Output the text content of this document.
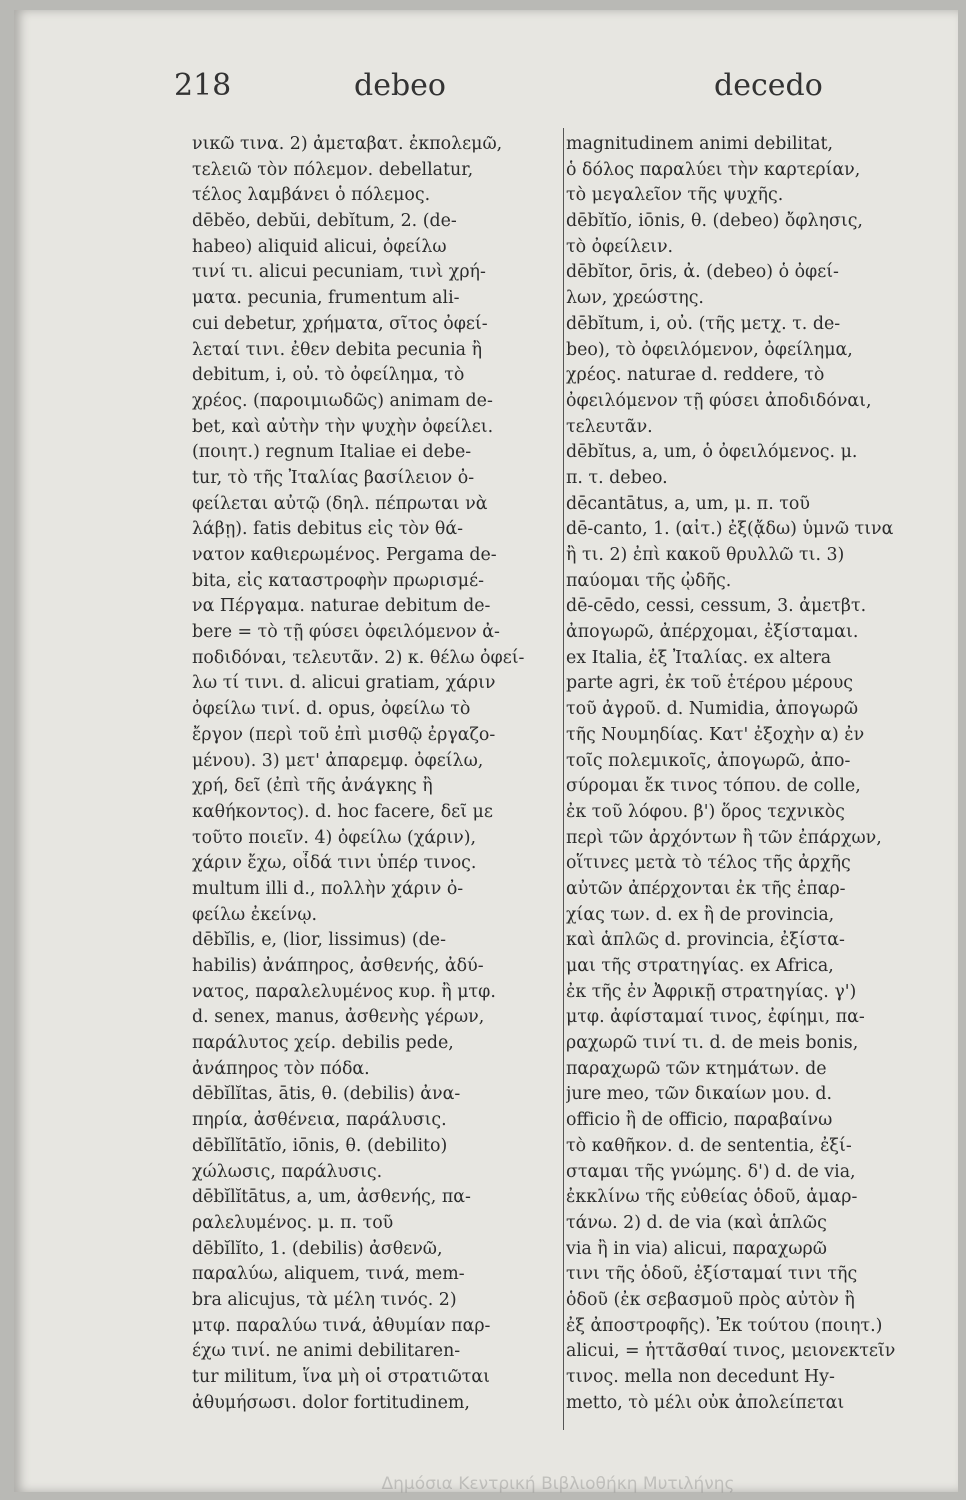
218	debeo	decedo
νικῶ τινα. 2) ἀμεταβατ. ἐκπολεμῶ,
τελειῶ τὸν πόλεμον. debellatur,
τέλος λαμβάνει ὁ πόλεμος.
dēbĕo, debŭi, debĭtum, 2. (de-
habeo) aliquid alicui, ὀφείλω
τινί τι. alicui pecuniam, τινὶ χρή-
ματα. pecunia, frumentum ali-
cui debetur, χρήματα, σῖτος ὀφεί-
λεταί τινι. ἐθεν debita pecunia ἢ
debitum, i, οὐ. τὸ ὀφείλημα, τὸ
χρέος. (παροιμιωδῶς) animam de-
bet, καὶ αὐτὴν τὴν ψυχὴν ὀφείλει.
(ποιητ.) regnum Italiae ei debe-
tur, τὸ τῆς Ἰταλίας βασίλειον ὀ-
φείλεται αὐτῷ (δηλ. πέπρωται νὰ
λάβῃ). fatis debitus εἰς τὸν θά-
νατον καθιερωμένος. Pergama de-
bita, εἰς καταστροφὴν πρωρισμέ-
να Πέργαμα. naturae debitum de-
bere = τὸ τῇ φύσει ὀφειλόμενον ἀ-
ποδιδόναι, τελευτᾶν. 2) κ. θέλω ὀφεί-
λω τί τινι. d. alicui gratiam, χάριν
ὀφείλω τινί. d. opus, ὀφείλω τὸ
ἔργον (περὶ τοῦ ἐπὶ μισθῷ ἐργαζο-
μένου). 3) μετ' ἀπαρεμφ. ὀφείλω,
χρή, δεῖ (ἐπὶ τῆς ἀνάγκης ἢ
καθήκοντος). d. hoc facere, δεῖ με
τοῦτο ποιεῖν. 4) ὀφείλω (χάριν),
χάριν ἔχω, οἶδά τινι ὑπέρ τινος.
multum illi d., πολλὴν χάριν ὀ-
φείλω ἐκείνῳ.
dēbĭlis, e, (lior, lissimus) (de-
habilis) ἀνάπηρος, ἀσθενής, ἀδύ-
νατος, παραλελυμένος κυρ. ἢ μτφ.
d. senex, manus, ἀσθενὴς γέρων,
παράλυτος χείρ. debilis pede,
ἀνάπηρος τὸν πόδα.
dēbĭlĭtas, ātis, θ. (debilis) ἀνα-
πηρία, ἀσθένεια, παράλυσις.
dēbĭlĭtātĭo, iōnis, θ. (debilito)
χώλωσις, παράλυσις.
dēbĭlĭtātus, a, um, ἀσθενής, πα-
ραλελυμένος. μ. π. τοῦ
dēbĭlĭto, 1. (debilis) ἀσθενῶ,
παραλύω, aliquem, τινά, mem-
bra alicujus, τὰ μέλη τινός. 2)
μτφ. παραλύω τινά, ἀθυμίαν παρ-
έχω τινί. ne animi debilitaren-
tur militum, ἵνα μὴ οἱ στρατιῶται
ἀθυμήσωσι. dolor fortitudinem,
magnitudinem animi debilitat,
ὁ δόλος παραλύει τὴν καρτερίαν,
τὸ μεγαλεῖον τῆς ψυχῆς.
dēbĭtĭo, iōnis, θ. (debeo) ὄφλησις,
τὸ ὀφείλειν.
dēbĭtor, ōris, ἀ. (debeo) ὁ ὀφεί-
λων, χρεώστης.
dēbĭtum, i, οὐ. (τῆς μετχ. τ. de-
beo), τὸ ὀφειλόμενον, ὀφείλημα,
χρέος. naturae d. reddere, τὸ
ὀφειλόμενον τῇ φύσει ἀποδιδόναι,
τελευτᾶν.
dēbĭtus, a, um, ὁ ὀφειλόμενος. μ.
π. τ. debeo.
dēcantātus, a, um, μ. π. τοῦ
dē-canto, 1. (αἰτ.) ἐξ(ᾄδω) ὑμνῶ τινα
ἢ τι. 2) ἐπὶ κακοῦ θρυλλῶ τι. 3)
παύομαι τῆς ᾠδῆς.
dē-cēdo, cessi, cessum, 3. ἀμετβτ.
ἀπογωρῶ, ἀπέρχομαι, ἐξίσταμαι.
ex Italia, ἐξ Ἰταλίας. ex altera
parte agri, ἐκ τοῦ ἑτέρου μέρους
τοῦ ἀγροῦ. d. Numidia, ἀπογωρῶ
τῆς Νουμηδίας. Κατ' ἐξοχὴν α) ἐν
τοῖς πολεμικοῖς, ἀπογωρῶ, ἀπο-
σύρομαι ἔκ τινος τόπου. de colle,
ἐκ τοῦ λόφου. β') ὅρος τεχνικὸς
περὶ τῶν ἀρχόντων ἢ τῶν ἐπάρχων,
οἵτινες μετὰ τὸ τέλος τῆς ἀρχῆς
αὐτῶν ἀπέρχονται ἐκ τῆς ἐπαρ-
χίας των. d. ex ἢ de provincia,
καὶ ἁπλῶς d. provincia, ἐξίστα-
μαι τῆς στρατηγίας. ex Africa,
ἐκ τῆς ἐν Ἀφρικῇ στρατηγίας. γ')
μτφ. ἀφίσταμαί τινος, ἐφίημι, πα-
ραχωρῶ τινί τι. d. de meis bonis,
παραχωρῶ τῶν κτημάτων. de
jure meo, τῶν δικαίων μου. d.
officio ἢ de officio, παραβαίνω
τὸ καθῆκον. d. de sententia, ἐξί-
σταμαι τῆς γνώμης. δ') d. de via,
ἐκκλίνω τῆς εὐθείας ὁδοῦ, ἁμαρ-
τάνω. 2) d. de via (καὶ ἁπλῶς
via ἢ in via) alicui, παραχωρῶ
τινι τῆς ὁδοῦ, ἐξίσταμαί τινι τῆς
ὁδοῦ (ἐκ σεβασμοῦ πρὸς αὐτὸν ἢ
ἐξ ἀποστροφῆς). Ἐκ τούτου (ποιητ.)
alicui, = ἡττᾶσθαί τινος, μειονεκτεῖν
τινος. mella non decedunt Hy-
metto, τὸ μέλι οὐκ ἀπολείπεται
Δημόσια Κεντρική Βιβλιοθήκη Μυτιλήνης
